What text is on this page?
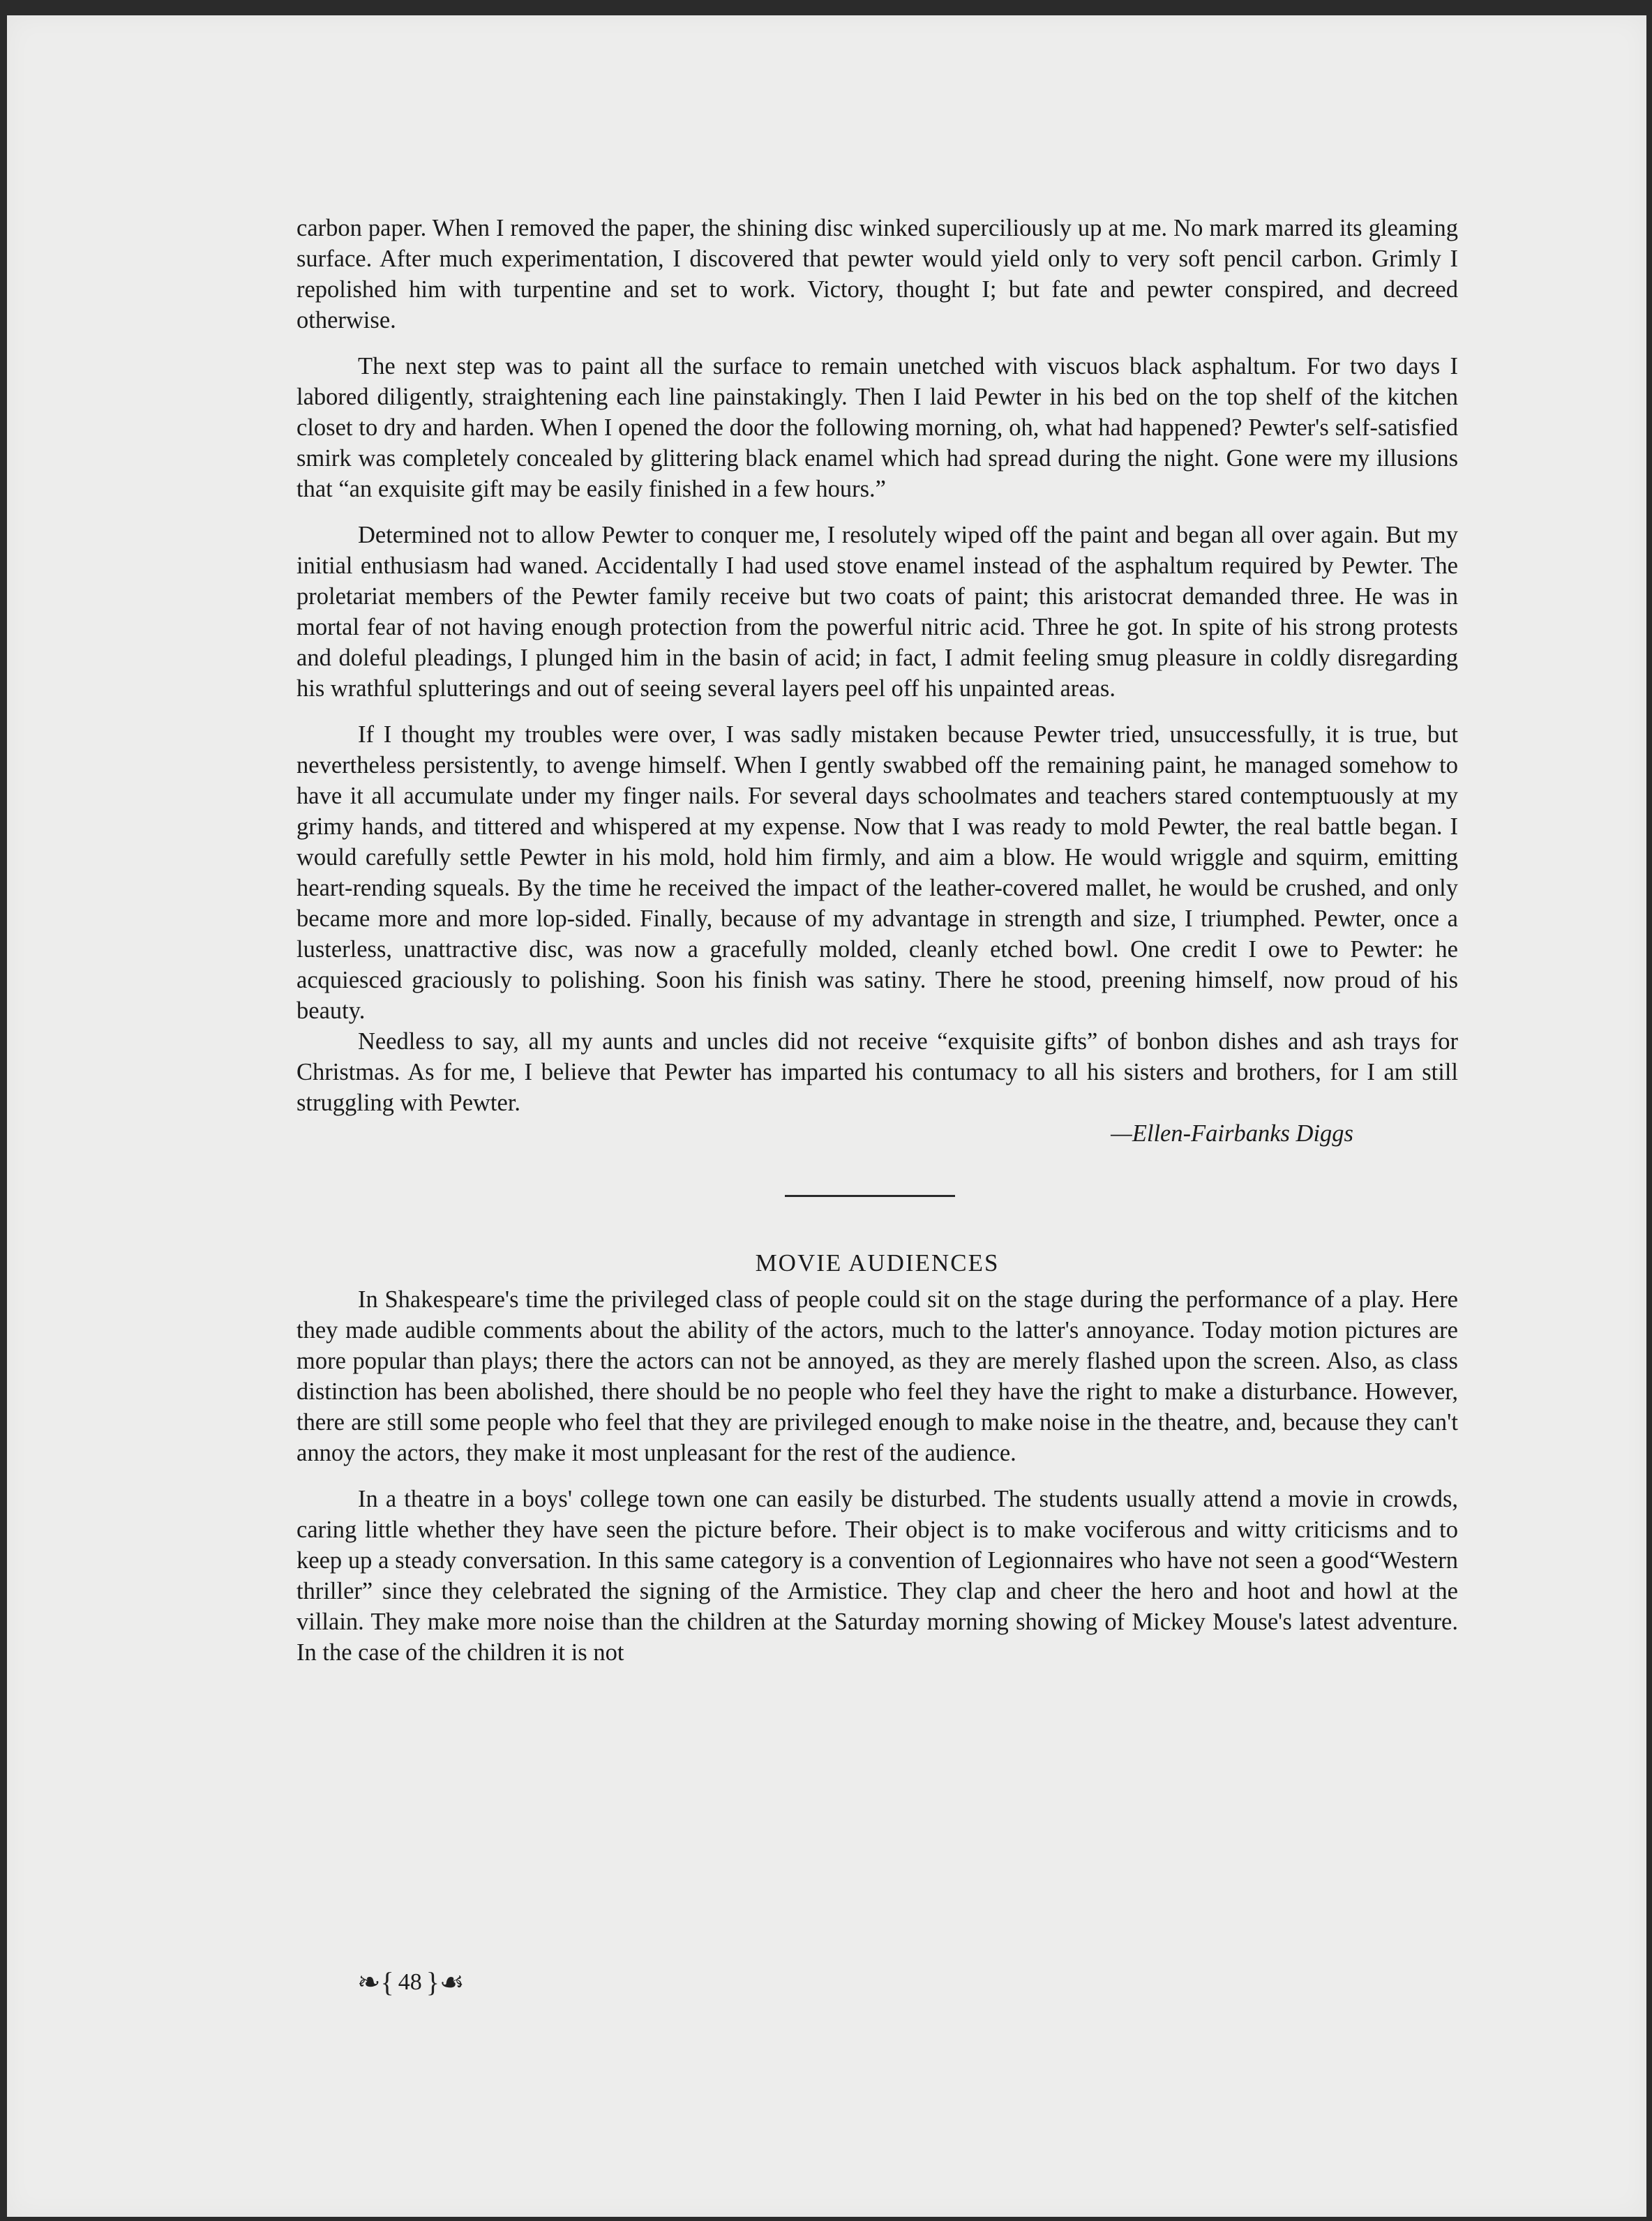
carbon paper. When I removed the paper, the shining disc winked superciliously up at me. No mark marred its gleaming surface. After much experimentation, I discovered that pewter would yield only to very soft pencil carbon. Grimly I repolished him with turpentine and set to work. Victory, thought I; but fate and pewter conspired, and decreed otherwise.

The next step was to paint all the surface to remain unetched with viscuos black asphaltum. For two days I labored diligently, straightening each line painstakingly. Then I laid Pewter in his bed on the top shelf of the kitchen closet to dry and harden. When I opened the door the following morning, oh, what had happened? Pewter's self-satisfied smirk was completely concealed by glittering black enamel which had spread during the night. Gone were my illusions that “an exquisite gift may be easily finished in a few hours.”

Determined not to allow Pewter to conquer me, I resolutely wiped off the paint and began all over again. But my initial enthusiasm had waned. Accidentally I had used stove enamel instead of the asphaltum required by Pewter. The proletariat members of the Pewter family receive but two coats of paint; this aristocrat demanded three. He was in mortal fear of not having enough protection from the powerful nitric acid. Three he got. In spite of his strong protests and doleful pleadings, I plunged him in the basin of acid; in fact, I admit feeling smug pleasure in coldly disregarding his wrathful splutterings and out of seeing several layers peel off his unpainted areas.

If I thought my troubles were over, I was sadly mistaken because Pewter tried, unsuccessfully, it is true, but nevertheless persistently, to avenge himself. When I gently swabbed off the remaining paint, he managed somehow to have it all accumulate under my finger nails. For several days schoolmates and teachers stared contemptuously at my grimy hands, and tittered and whispered at my expense. Now that I was ready to mold Pewter, the real battle began. I would carefully settle Pewter in his mold, hold him firmly, and aim a blow. He would wriggle and squirm, emitting heart-rending squeals. By the time he received the impact of the leather-covered mallet, he would be crushed, and only became more and more lop-sided. Finally, because of my advantage in strength and size, I triumphed. Pewter, once a lusterless, unattractive disc, was now a gracefully molded, cleanly etched bowl. One credit I owe to Pewter: he acquiesced graciously to polishing. Soon his finish was satiny. There he stood, preening himself, now proud of his beauty.

Needless to say, all my aunts and uncles did not receive “exquisite gifts” of bonbon dishes and ash trays for Christmas. As for me, I believe that Pewter has imparted his contumacy to all his sisters and brothers, for I am still struggling with Pewter.

—Ellen-Fairbanks Diggs
MOVIE AUDIENCES

In Shakespeare's time the privileged class of people could sit on the stage during the performance of a play. Here they made audible comments about the ability of the actors, much to the latter's annoyance. Today motion pictures are more popular than plays; there the actors can not be annoyed, as they are merely flashed upon the screen. Also, as class distinction has been abolished, there should be no people who feel they have the right to make a disturbance. However, there are still some people who feel that they are privileged enough to make noise in the theatre, and, because they can't annoy the actors, they make it most unpleasant for the rest of the audience.

In a theatre in a boys' college town one can easily be disturbed. The students usually attend a movie in crowds, caring little whether they have seen the picture before. Their object is to make vociferous and witty criticisms and to keep up a steady conversation. In this same category is a convention of Legionnaires who have not seen a good“Western thriller” since they celebrated the signing of the Armistice. They clap and cheer the hero and hoot and howl at the villain. They make more noise than the children at the Saturday morning showing of Mickey Mouse's latest adventure. In the case of the children it is not

❧{ 48 }☙
